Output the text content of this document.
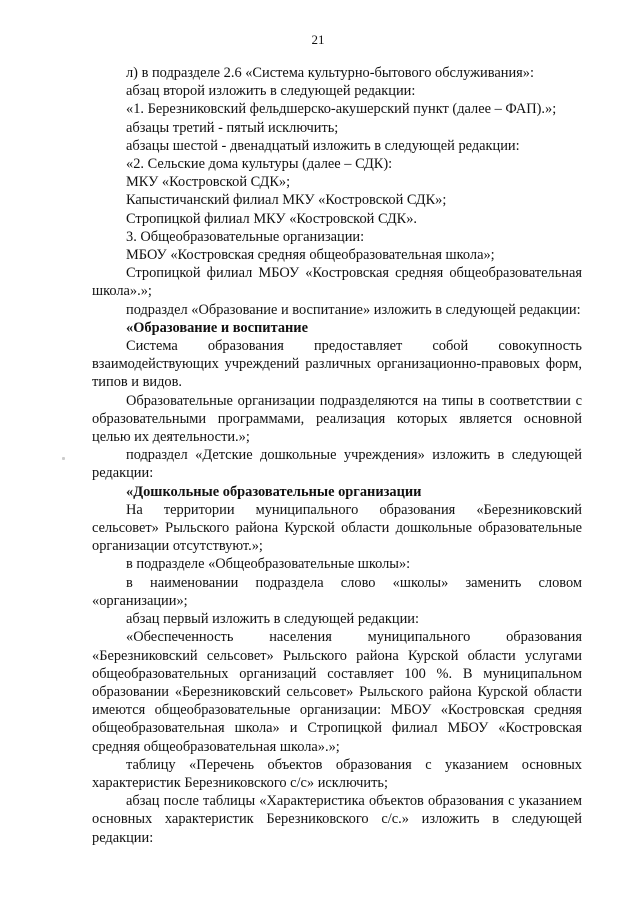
21

л) в подразделе 2.6 «Система культурно-бытового обслуживания»:

абзац второй изложить в следующей редакции:

«1. Березниковский фельдшерско-акушерский пункт (далее – ФАП).»;

абзацы третий - пятый исключить;

абзацы шестой - двенадцатый изложить в следующей редакции:

«2. Сельские дома культуры (далее – СДК):

МКУ «Костровской СДК»;

Капыстичанский филиал МКУ «Костровской СДК»;

Стропицкой филиал МКУ «Костровской СДК».

3. Общеобразовательные организации:

МБОУ «Костровская средняя общеобразовательная школа»;

Стропицкой филиал МБОУ «Костровская средняя общеобразовательная школа».»;

подраздел «Образование и воспитание» изложить в следующей редакции:

«Образование и воспитание

Система образования предоставляет собой совокупность взаимодействующих учреждений различных организационно-правовых форм, типов и видов.

Образовательные организации подразделяются на типы в соответствии с образовательными программами, реализация которых является основной целью их деятельности.»;

подраздел «Детские дошкольные учреждения» изложить в следующей редакции:

«Дошкольные образовательные организации

На территории муниципального образования «Березниковский сельсовет» Рыльского района Курской области дошкольные образовательные организации отсутствуют.»;

в подразделе «Общеобразовательные школы»:

в наименовании подраздела слово «школы» заменить словом «организации»;

абзац первый изложить в следующей редакции:

«Обеспеченность населения муниципального образования «Березниковский сельсовет» Рыльского района Курской области услугами общеобразовательных организаций составляет 100 %. В муниципальном образовании «Березниковский сельсовет» Рыльского района Курской области имеются общеобразовательные организации: МБОУ «Костровская средняя общеобразовательная школа» и Стропицкой филиал МБОУ «Костровская средняя общеобразовательная школа».»;

таблицу «Перечень объектов образования с указанием основных характеристик Березниковского с/с» исключить;

абзац после таблицы «Характеристика объектов образования с указанием основных характеристик Березниковского с/с.» изложить в следующей редакции:
